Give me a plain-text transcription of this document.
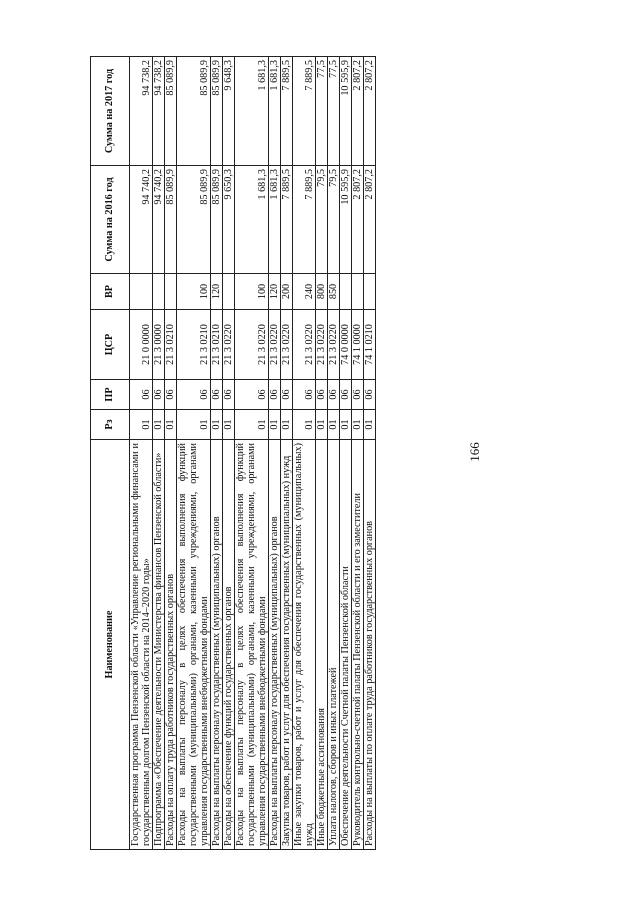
166
Наименование	Рз	ПР	ЦСР	ВР	Сумма на 2016 год	Сумма на 2017 год
Государственная программа Пензенской области «Управление региональными финансами и государственным долгом Пензенской области на 2014–2020 годы»	01	06	21 0 0000		94 740,2	94 738,2
Подпрограмма «Обеспечение деятельности Министерства финансов Пензенской области»	01	06	21 3 0000		94 740,2	94 738,2
Расходы на оплату труда работников государственных органов	01	06	21 3 0210		85 089,9	85 089,9
Расходы на выплаты персоналу в целях обеспечения выполнения функций государственными (муниципальными) органами, казенными учреждениями, органами управления государственными внебюджетными фондами	01	06	21 3 0210	100	85 089,9	85 089,9
Расходы на выплаты персоналу государственных (муниципальных) органов	01	06	21 3 0210	120	85 089,9	85 089,9
Расходы на обеспечение функций государственных органов	01	06	21 3 0220		9 650,3	9 648,3
Расходы на выплаты персоналу в целях обеспечения выполнения функций государственными (муниципальными) органами, казенными учреждениями, органами управления государственными внебюджетными фондами	01	06	21 3 0220	100	1 681,3	1 681,3
Расходы на выплаты персоналу государственных (муниципальных) органов	01	06	21 3 0220	120	1 681,3	1 681,3
Закупка товаров, работ и услуг для обеспечения государственных (муниципальных) нужд	01	06	21 3 0220	200	7 889,5	7 889,5
Иные закупки товаров, работ и услуг для обеспечения государственных (муниципальных) нужд	01	06	21 3 0220	240	7 889,5	7 889,5
Иные бюджетные ассигнования	01	06	21 3 0220	800	79,5	77,5
Уплата налогов, сборов и иных платежей	01	06	21 3 0220	850	79,5	77,5
Обеспечение деятельности Счетной палаты Пензенской области	01	06	74 0 0000		10 595,9	10 595,9
Руководитель контрольно-счетной палаты Пензенской области и его заместители	01	06	74 1 0000		2 807,2	2 807,2
Расходы на выплаты по оплате труда работников государственных органов	01	06	74 1 0210		2 807,2	2 807,2
